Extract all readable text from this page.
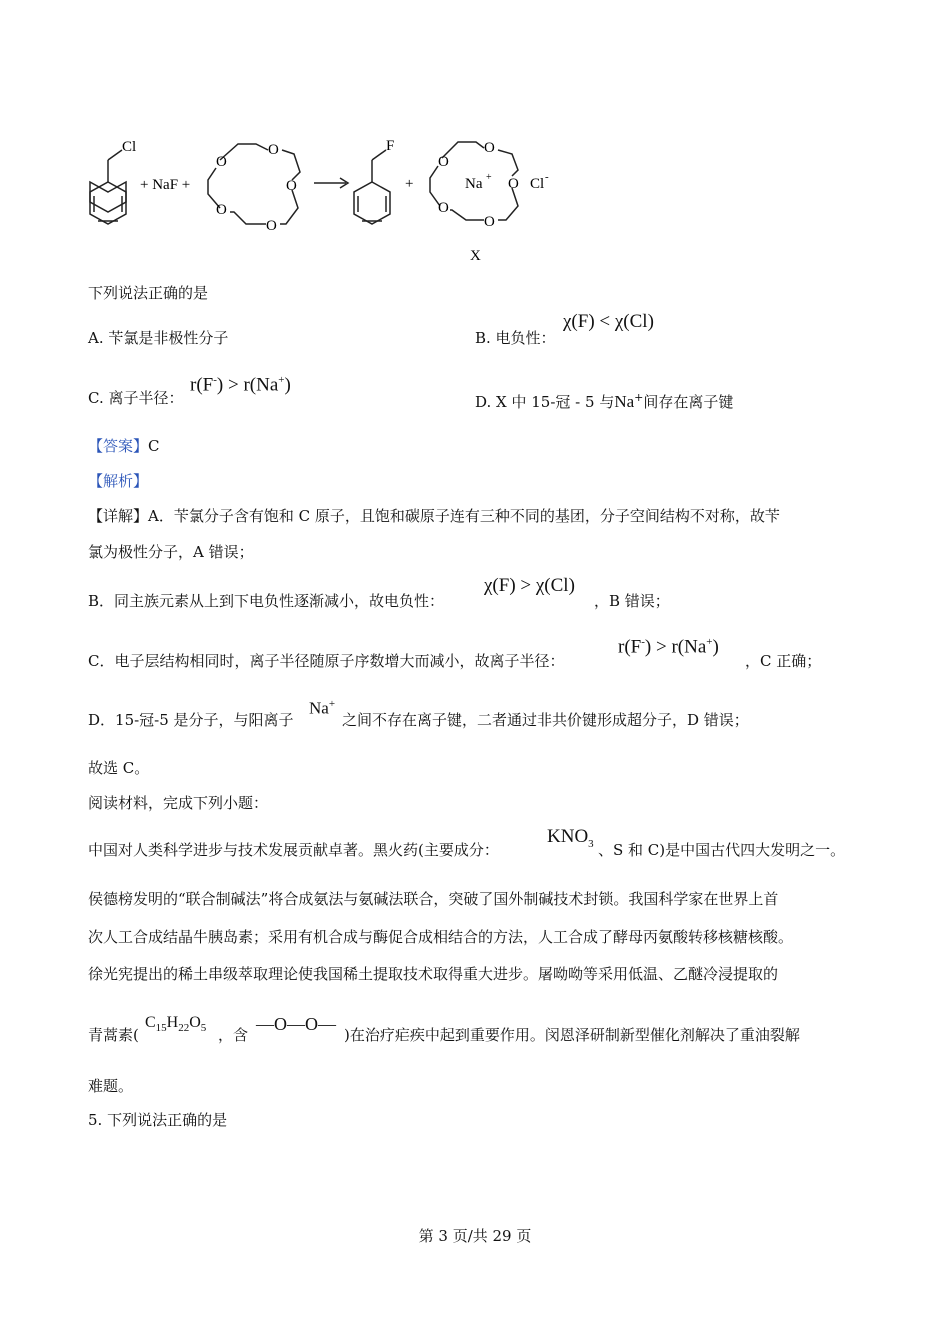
Cl
+ NaF +
O
O
O
O
O
F
+
O
O
O
O
O
Na +	Cl -
X
下列说法正确的是
A. 苄氯是非极性分子	B. 电负性：
χ(F) < χ(Cl)
C. 离子半径：
r(F-) > r(Na+)
D. X 中 15-冠 - 5 与Na+间存在离子键
【答案】C
【解析】
【详解】A．苄氯分子含有饱和 C 原子，且饱和碳原子连有三种不同的基团，分子空间结构不对称，故苄
氯为极性分子，A 错误；
B．同主族元素从上到下电负性逐渐减小，故电负性：
χ(F) > χ(Cl)
，B 错误；
C．电子层结构相同时，离子半径随原子序数增大而减小，故离子半径：
r(F-) > r(Na+)
，C 正确；
D．15-冠-5 是分子，与阳离子
Na+
之间不存在离子键，二者通过非共价键形成超分子，D 错误；
故选 C。
阅读材料，完成下列小题：
中国对人类科学进步与技术发展贡献卓著。黑火药(主要成分：
$KNO_3$ 、S 和 C)是中国古代四大发明之一。
侯德榜发明的“联合制碱法”将合成氨法与氨碱法联合，突破了国外制碱技术封锁。我国科学家在世界上首
次人工合成结晶牛胰岛素；采用有机合成与酶促合成相结合的方法，人工合成了酵母丙氨酸转移核糖核酸。
徐光宪提出的稀土串级萃取理论使我国稀土提取技术取得重大进步。屠呦呦等采用低温、乙醚冷浸提取的
青蒿素(
$C_{15}H_{22}O_5$ ，含
—O—O—
)在治疗疟疾中起到重要作用。闵恩泽研制新型催化剂解决了重油裂解
难题。
5. 下列说法正确的是
第 3 页/共 29 页
